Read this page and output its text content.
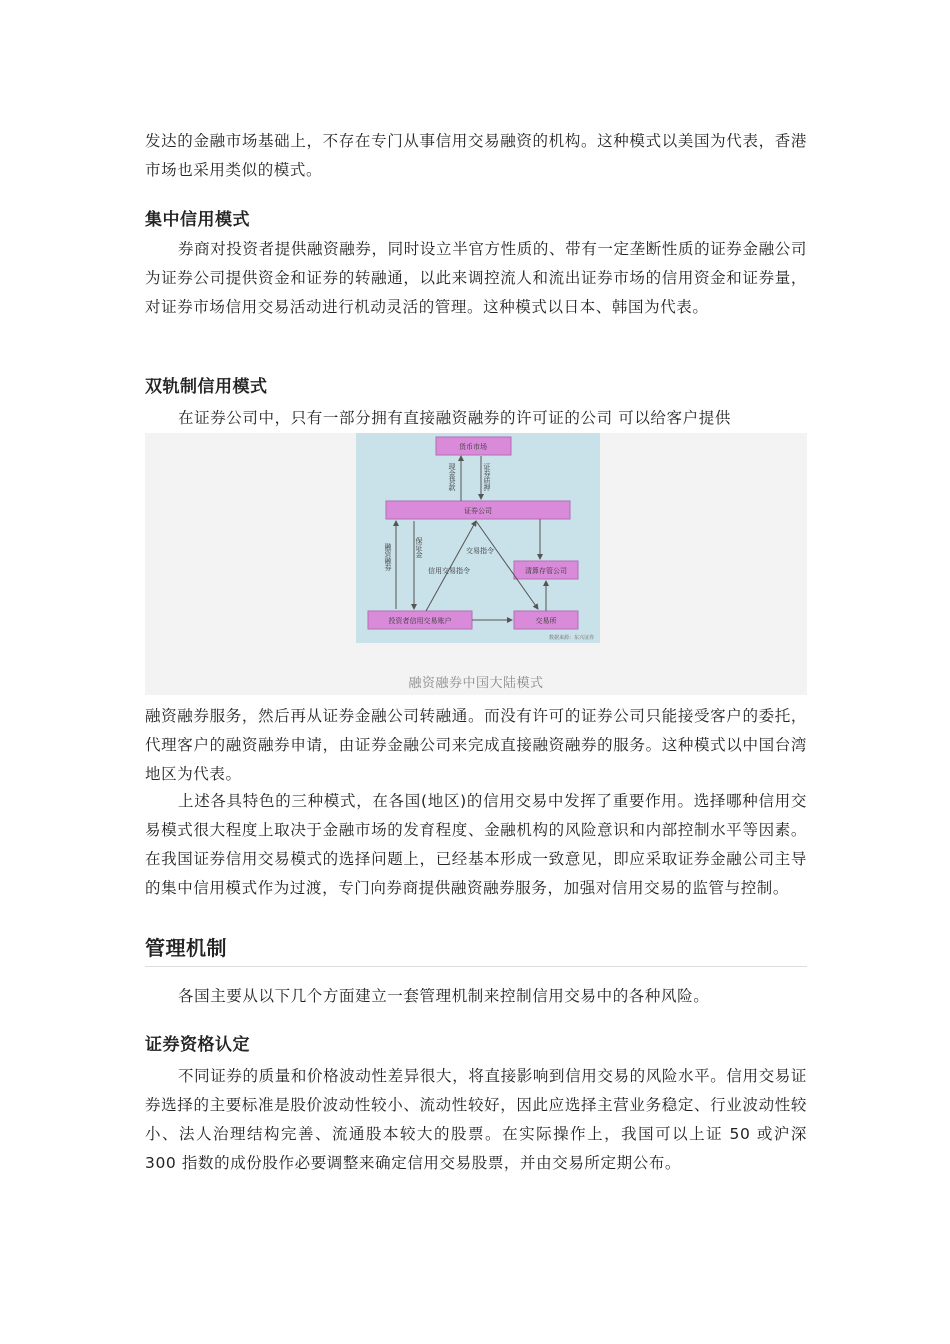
发达的金融市场基础上，不存在专门从事信用交易融资的机构。这种模式以美国为代表，香港市场也采用类似的模式。

集中信用模式

券商对投资者提供融资融券，同时设立半官方性质的、带有一定垄断性质的证券金融公司为证券公司提供资金和证券的转融通，以此来调控流人和流出证券市场的信用资金和证券量，对证券市场信用交易活动进行机动灵活的管理。这种模式以日本、韩国为代表。

双轨制信用模式

在证券公司中，只有一部分拥有直接融资融券的许可证的公司 可以给客户提供

货币市场
证券公司
清算存管公司
投资者信用交易账户	交易所
现金贷款	证券质押
融资融券	保证金
信用交易指令
交易指令
数据来源：东兴证券
融资融券中国大陆模式

融资融券服务，然后再从证券金融公司转融通。而没有许可的证券公司只能接受客户的委托，代理客户的融资融券申请，由证券金融公司来完成直接融资融券的服务。这种模式以中国台湾地区为代表。

上述各具特色的三种模式，在各国(地区)的信用交易中发挥了重要作用。选择哪种信用交易模式很大程度上取决于金融市场的发育程度、金融机构的风险意识和内部控制水平等因素。在我国证券信用交易模式的选择问题上，已经基本形成一致意见，即应采取证券金融公司主导的集中信用模式作为过渡，专门向券商提供融资融券服务，加强对信用交易的监管与控制。

管理机制

各国主要从以下几个方面建立一套管理机制来控制信用交易中的各种风险。

证券资格认定

不同证券的质量和价格波动性差异很大，将直接影响到信用交易的风险水平。信用交易证券选择的主要标准是股价波动性较小、流动性较好，因此应选择主营业务稳定、行业波动性较小、法人治理结构完善、流通股本较大的股票。在实际操作上，我国可以上证 50 或沪深 300 指数的成份股作必要调整来确定信用交易股票，并由交易所定期公布。
